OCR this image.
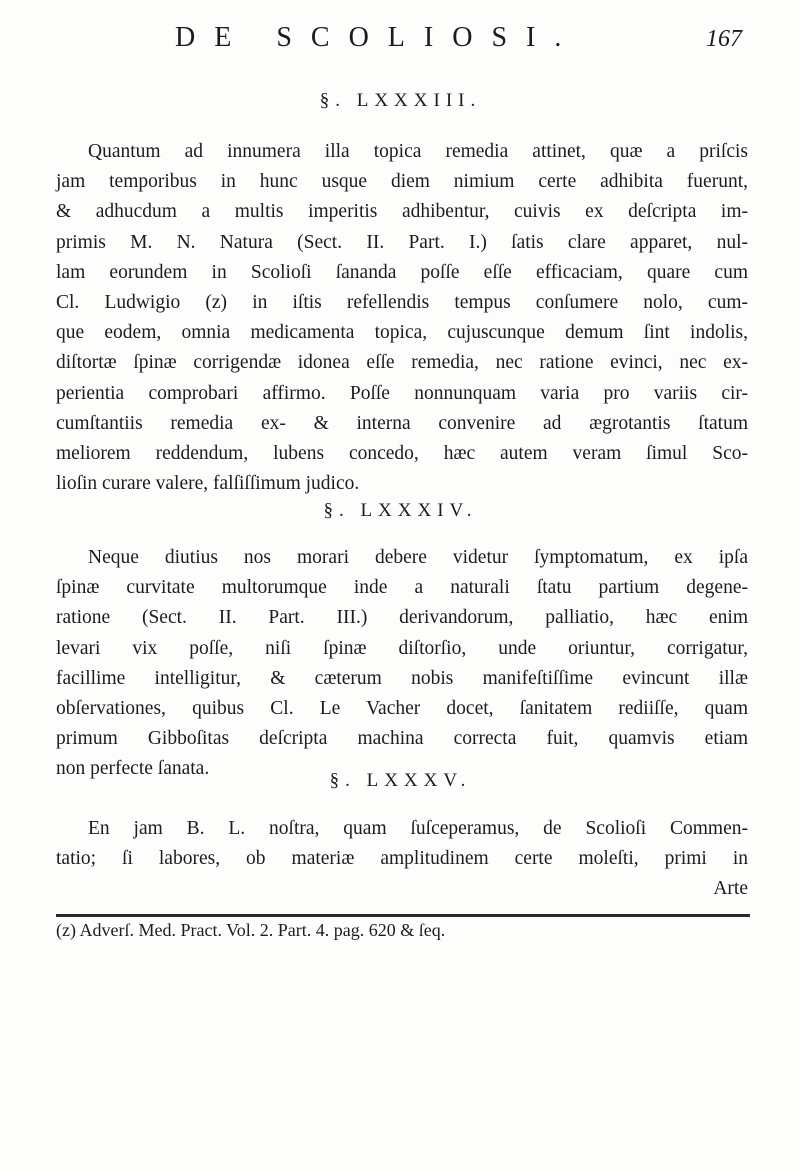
DE SCOLIOSI.	167
§. LXXXIII.
Quantum ad innumera illa topica remedia attinet, quæ a priſcis
jam temporibus in hunc usque diem nimium certe adhibita fuerunt,
& adhucdum a multis imperitis adhibentur, cuivis ex deſcripta im-
primis M. N. Natura (Sect. II. Part. I.) ſatis clare apparet, nul-
lam eorundem in Scolioſi ſananda poſſe eſſe efficaciam, quare cum
Cl. Ludwigio (z) in iſtis refellendis tempus conſumere nolo, cum-
que eodem, omnia medicamenta topica, cujuscunque demum ſint indolis,
diſtortæ ſpinæ corrigendæ idonea eſſe remedia, nec ratione evinci, nec ex-
perientia comprobari affirmo. Poſſe nonnunquam varia pro variis cir-
cumſtantiis remedia ex- & interna convenire ad ægrotantis ſtatum
meliorem reddendum, lubens concedo, hæc autem veram ſimul Sco-
lioſin curare valere, falſiſſimum judico.
§. LXXXIV.
Neque diutius nos morari debere videtur ſymptomatum, ex ipſa
ſpinæ curvitate multorumque inde a naturali ſtatu partium degene-
ratione (Sect. II. Part. III.) derivandorum, palliatio, hæc enim
levari vix poſſe, niſi ſpinæ diſtorſio, unde oriuntur, corrigatur,
facillime intelligitur, & cæterum nobis manifeſtiſſime evincunt illæ
obſervationes, quibus Cl. Le Vacher docet, ſanitatem rediiſſe, quam
primum Gibboſitas deſcripta machina correcta fuit, quamvis etiam
non perfecte ſanata.
§. LXXXV.
En jam B. L. noſtra, quam ſuſceperamus, de Scolioſi Commen-
tatio; ſi labores, ob materiæ amplitudinem certe moleſti, primi in
Arte
(z) Adverſ. Med. Pract. Vol. 2. Part. 4. pag. 620 & ſeq.
